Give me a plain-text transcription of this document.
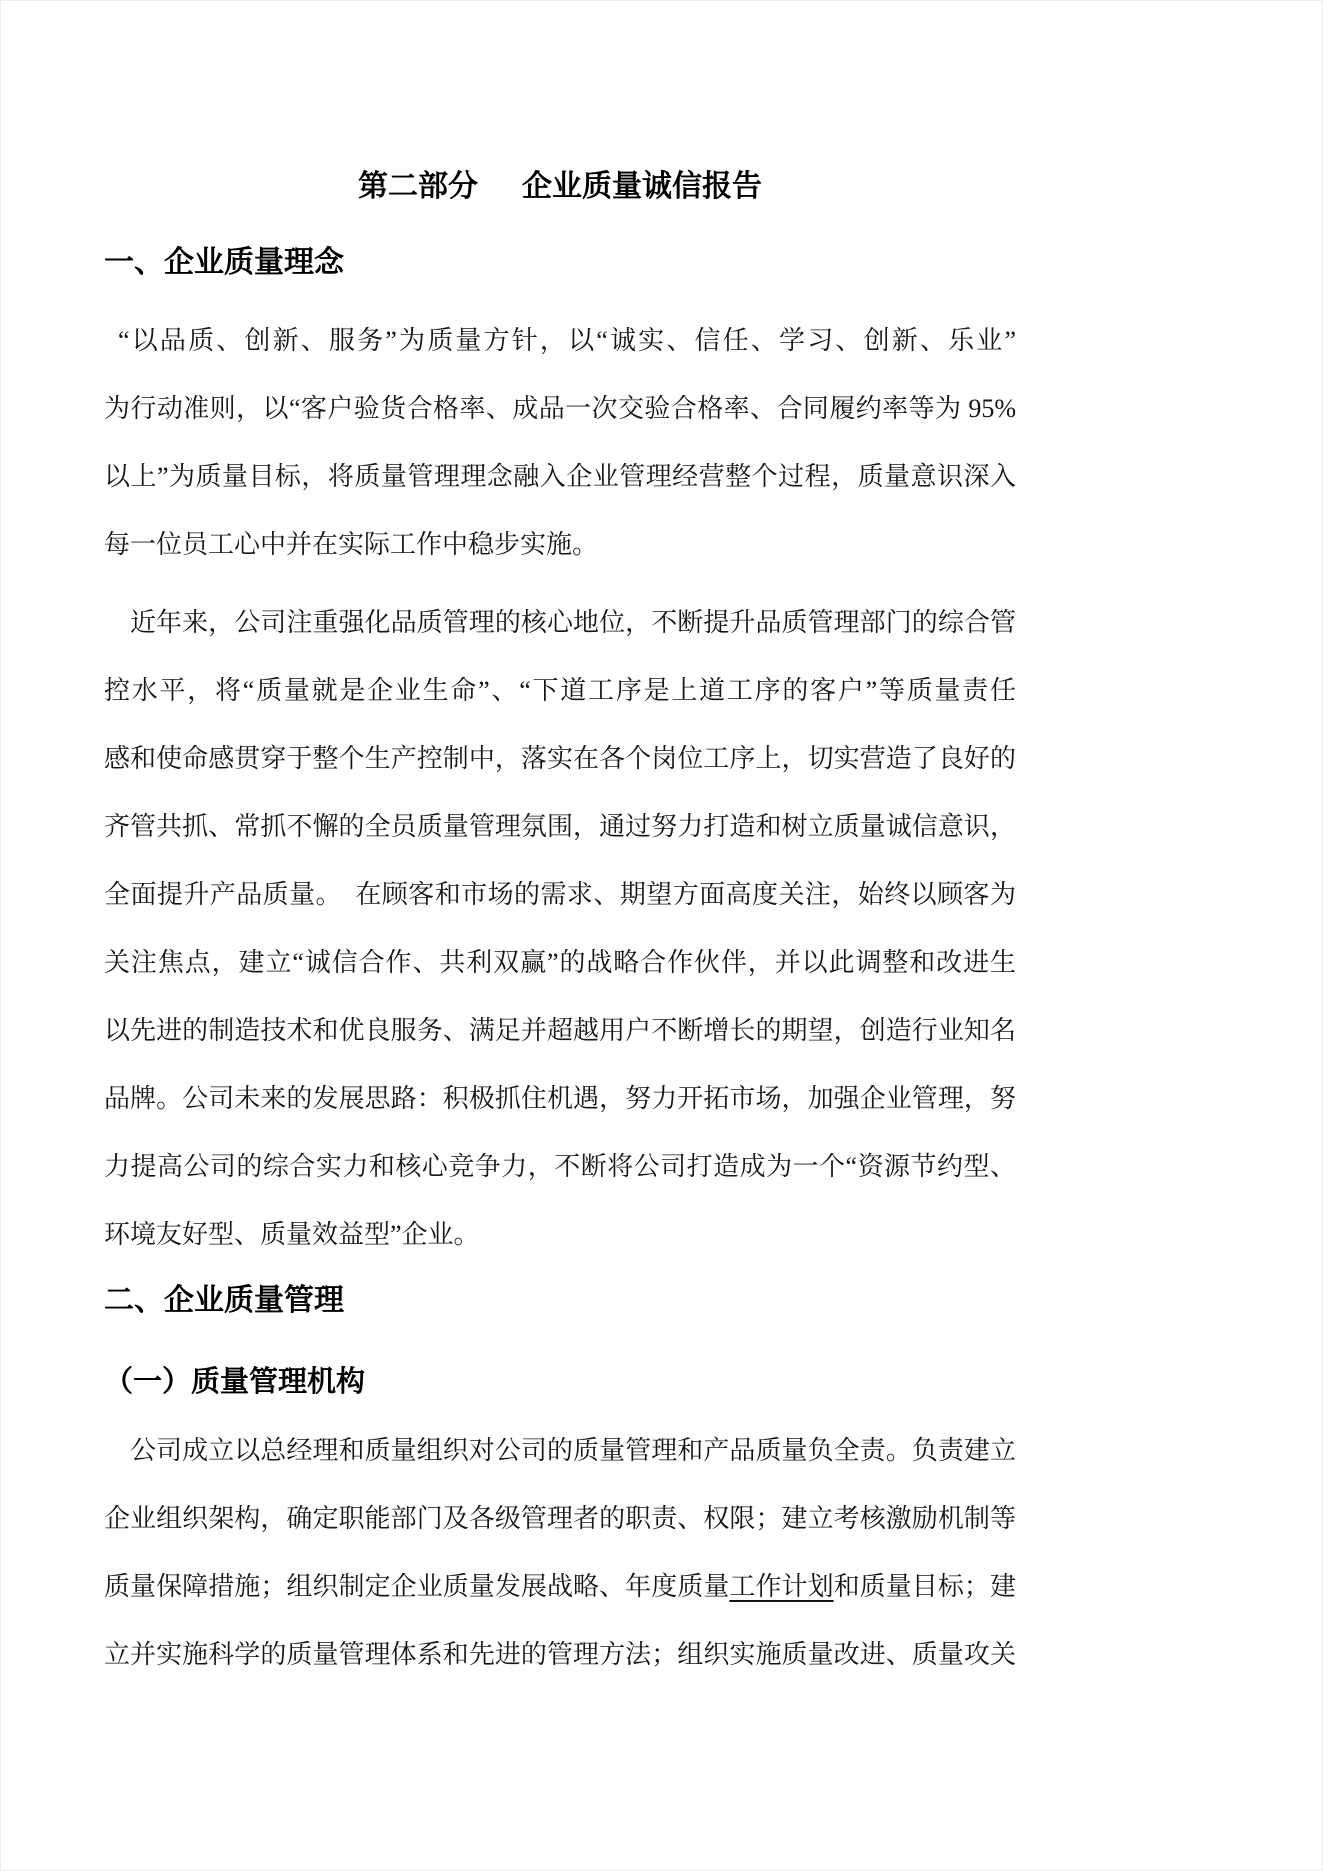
第二部分 企业质量诚信报告
一、企业质量理念
“以品质、创新、服务”为质量方针，以“诚实、信任、学习、创新、乐业”
为行动准则，以“客户验货合格率、成品一次交验合格率、合同履约率等为 95%
以上”为质量目标，将质量管理理念融入企业管理经营整个过程，质量意识深入
每一位员工心中并在实际工作中稳步实施。
近年来，公司注重强化品质管理的核心地位，不断提升品质管理部门的综合管
控水平，将“质量就是企业生命”、“下道工序是上道工序的客户”等质量责任
感和使命感贯穿于整个生产控制中，落实在各个岗位工序上，切实营造了良好的
齐管共抓、常抓不懈的全员质量管理氛围，通过努力打造和树立质量诚信意识，
全面提升产品质量。　在顾客和市场的需求、期望方面高度关注，始终以顾客为
关注焦点，建立“诚信合作、共利双赢”的战略合作伙伴，并以此调整和改进生
以先进的制造技术和优良服务、满足并超越用户不断增长的期望，创造行业知名
品牌。公司未来的发展思路：积极抓住机遇，努力开拓市场，加强企业管理，努
力提高公司的综合实力和核心竞争力，不断将公司打造成为一个“资源节约型、
环境友好型、质量效益型”企业。
二、企业质量管理
（一）质量管理机构
公司成立以总经理和质量组织对公司的质量管理和产品质量负全责。负责建立
企业组织架构，确定职能部门及各级管理者的职责、权限；建立考核激励机制等
质量保障措施；组织制定企业质量发展战略、年度质量工作计划和质量目标；建
立并实施科学的质量管理体系和先进的管理方法；组织实施质量改进、质量攻关
